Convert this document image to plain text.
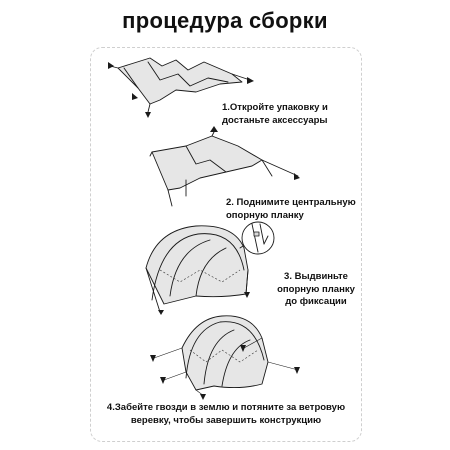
процедура сборки
1.Откройте упаковку и
достаньте аксессуары
2. Поднимите центральную
опорную планку
3. Выдвиньте
опорную планку
до фиксации
4.Забейте гвозди в землю и потяните за ветровую
веревку, чтобы завершить конструкцию
